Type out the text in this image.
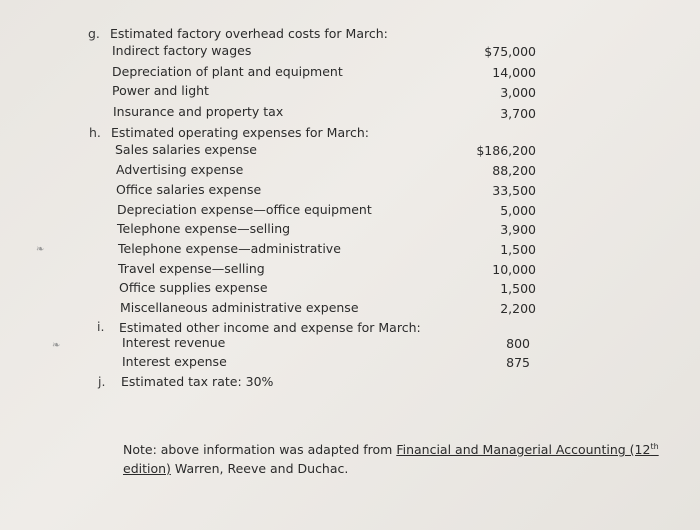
g. Estimated factory overhead costs for March:
Indirect factory wages	$75,000
Depreciation of plant and equipment	14,000
Power and light	3,000
Insurance and property tax	3,700
h. Estimated operating expenses for March:
Sales salaries expense	$186,200
Advertising expense	88,200
Office salaries expense	33,500
Depreciation expense—office equipment	5,000
Telephone expense—selling	3,900
Telephone expense—administrative	1,500
Travel expense—selling	10,000
Office supplies expense	1,500
Miscellaneous administrative expense	2,200
i. Estimated other income and expense for March:
Interest revenue	800
Interest expense	875
j. Estimated tax rate: 30%
Note: above information was adapted from Financial and Managerial Accounting (12th edition) Warren, Reeve and Duchac.
❧
❧
